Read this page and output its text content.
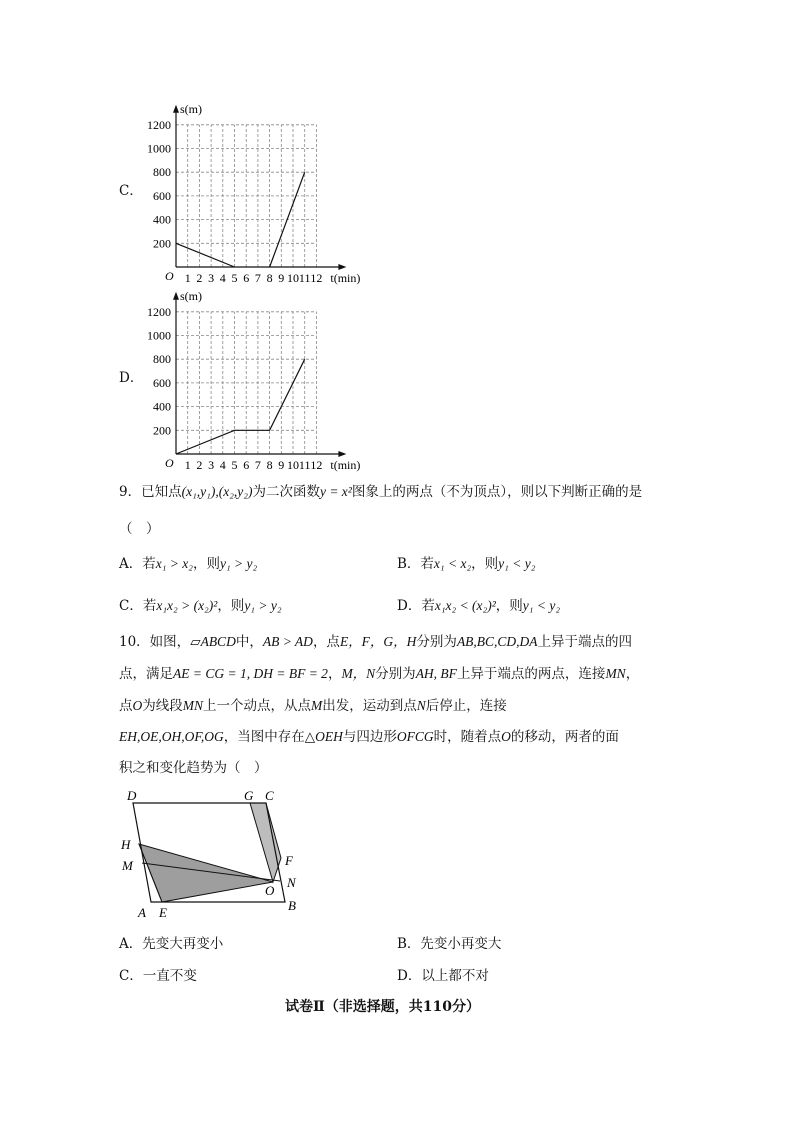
C．
1 2 3 4 5 6 7 8 9 10 11 12
200
400
600
800
1000
1200
O
s(m)
t(min)
D．
1 2 3 4 5 6 7 8 9 10 11 12
200
400
600
800
1000
1200
O
s(m)
t(min)
9．已知点(x₁,y₁),(x₂,y₂)为二次函数y = x²图象上的两点（不为顶点），则以下判断正确的是
（　）
A．若x₁ > x₂，则y₁ > y₂	B．若x₁ < x₂，则y₁ < y₂
C．若x₁x₂ > (x₂)²，则y₁ > y₂	D．若x₁x₂ < (x₂)²，则y₁ < y₂
10．如图，▱ABCD中，AB > AD，点E，F，G，H分别为AB,BC,CD,DA上异于端点的四
点，满足AE = CG = 1, DH = BF = 2，M，N分别为AH, BF上异于端点的两点，连接MN，
点O为线段MN上一个动点，从点M出发，运动到点N后停止，连接
EH,OE,OH,OF,OG，当图中存在△OEH与四边形OFCG时，随着点O的移动，两者的面
积之和变化趋势为（　）
D	G C
H
M	F
O
N
A E	B
A．先变大再变小	B．先变小再变大
C．一直不变	D．以上都不对
试卷Ⅱ（非选择题，共110分）
